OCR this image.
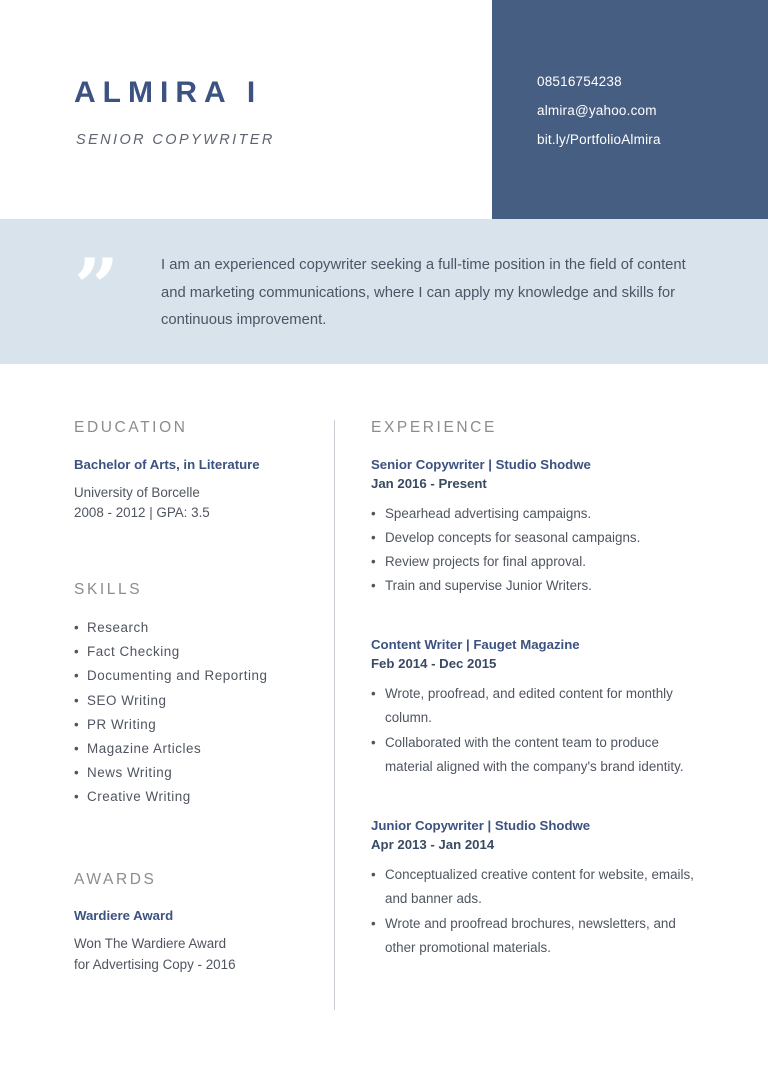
08516754238
almira@yahoo.com
bit.ly/PortfolioAlmira
ALMIRA I
SENIOR COPYWRITER
”	I am an experienced copywriter seeking a full-time position in the field of content and marketing communications, where I can apply my knowledge and skills for continuous improvement.
EDUCATION

Bachelor of Arts, in Literature

University of Borcelle

2008 - 2012 | GPA: 3.5

SKILLS
• Research
• Fact Checking
• Documenting and Reporting
• SEO Writing
• PR Writing
• Magazine Articles
• News Writing
• Creative Writing
AWARDS

Wardiere Award

Won The Wardiere Award

for Advertising Copy - 2016

EXPERIENCE

Senior Copywriter | Studio Shodwe

Jan 2016 - Present

• Spearhead advertising campaigns.
• Develop concepts for seasonal campaigns.
• Review projects for final approval.
• Train and supervise Junior Writers.

Content Writer | Fauget Magazine

Feb 2014 - Dec 2015

• Wrote, proofread, and edited content for monthly column.
• Collaborated with the content team to produce material aligned with the company's brand identity.

Junior Copywriter | Studio Shodwe

Apr 2013 - Jan 2014

• Conceptualized creative content for website, emails, and banner ads.
• Wrote and proofread brochures, newsletters, and other promotional materials.
